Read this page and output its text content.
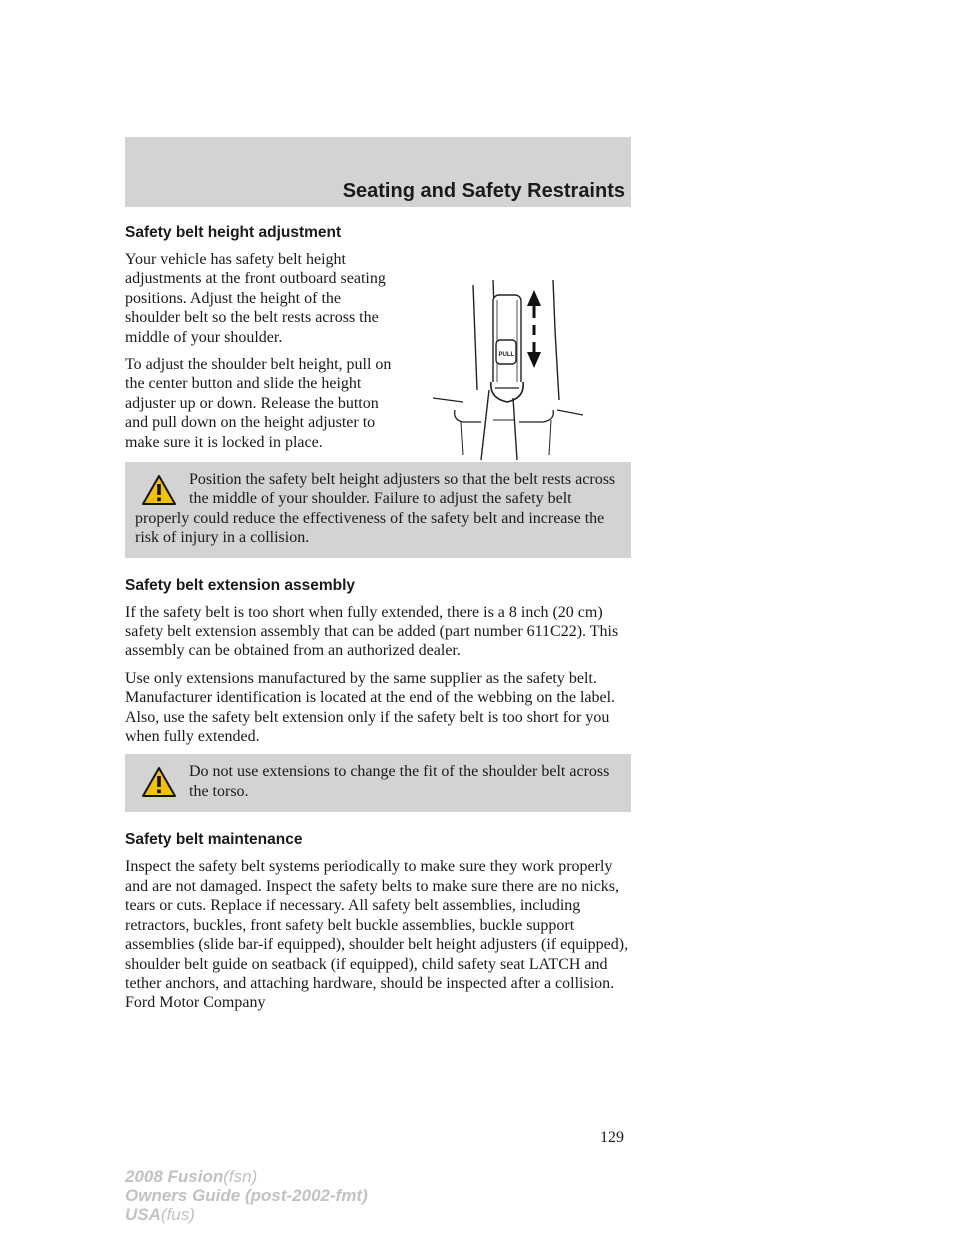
Seating and Safety Restraints
Safety belt height adjustment

Your vehicle has safety belt height adjustments at the front outboard seating positions. Adjust the height of the shoulder belt so the belt rests across the middle of your shoulder.

To adjust the shoulder belt height, pull on the center button and slide the height adjuster up or down. Release the button and pull down on the height adjuster to make sure it is locked in place.

PULL

Position the safety belt height adjusters so that the belt rests across the middle of your shoulder. Failure to adjust the safety belt properly could reduce the effectiveness of the safety belt and increase the risk of injury in a collision.

Safety belt extension assembly

If the safety belt is too short when fully extended, there is a 8 inch (20 cm) safety belt extension assembly that can be added (part number 611C22). This assembly can be obtained from an authorized dealer.

Use only extensions manufactured by the same supplier as the safety belt. Manufacturer identification is located at the end of the webbing on the label. Also, use the safety belt extension only if the safety belt is too short for you when fully extended.

Do not use extensions to change the fit of the shoulder belt across the torso.

Safety belt maintenance

Inspect the safety belt systems periodically to make sure they work properly and are not damaged. Inspect the safety belts to make sure there are no nicks, tears or cuts. Replace if necessary. All safety belt assemblies, including retractors, buckles, front safety belt buckle assemblies, buckle support assemblies (slide bar-if equipped), shoulder belt height adjusters (if equipped), shoulder belt guide on seatback (if equipped), child safety seat LATCH and tether anchors, and attaching hardware, should be inspected after a collision. Ford Motor Company

129
2008 Fusion(fsn)
Owners Guide (post-2002-fmt)
USA(fus)
